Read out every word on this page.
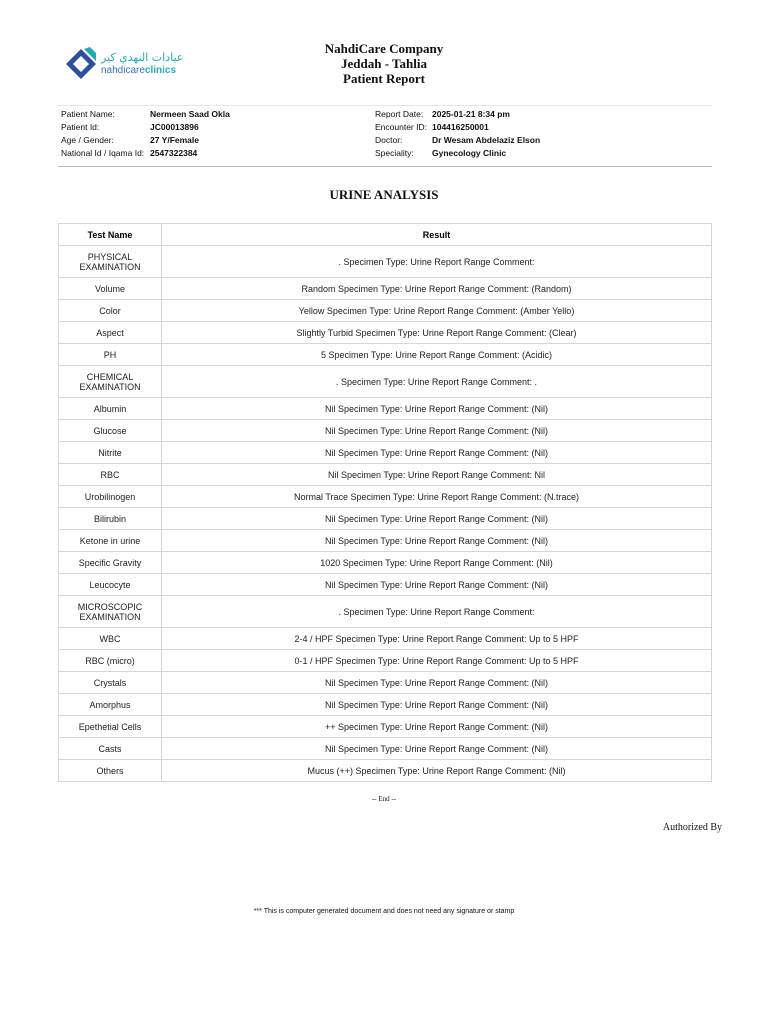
عيادات النهدي كير
nahdicareclinics
NahdiCare Company
Jeddah - Tahlia
Patient Report
Patient Name:	Nermeen Saad Okla
Patient Id:	JC00013896
Age / Gender:	27 Y/Female
National Id / Iqama Id: 2547322384
Report Date: 2025-01-21 8:34 pm
Encounter ID: 104416250001
Doctor:	Dr Wesam Abdelaziz Elson
Speciality: Gynecology Clinic
URINE ANALYSIS
Test Name	Result
PHYSICAL EXAMINATION	. Specimen Type: Urine Report Range Comment:
Volume	Random Specimen Type: Urine Report Range Comment: (Random)
Color	Yellow Specimen Type: Urine Report Range Comment: (Amber Yello)
Aspect	Slightly Turbid Specimen Type: Urine Report Range Comment: (Clear)
PH	5 Specimen Type: Urine Report Range Comment: (Acidic)
CHEMICAL EXAMINATION	. Specimen Type: Urine Report Range Comment: .
Albumin	Nil Specimen Type: Urine Report Range Comment: (Nil)
Glucose	Nil Specimen Type: Urine Report Range Comment: (Nil)
Nitrite	Nil Specimen Type: Urine Report Range Comment: (Nil)
RBC	Nil Specimen Type: Urine Report Range Comment: Nil
Urobilinogen	Normal Trace Specimen Type: Urine Report Range Comment: (N.trace)
Bilirubin	Nil Specimen Type: Urine Report Range Comment: (Nil)
Ketone in urine	Nil Specimen Type: Urine Report Range Comment: (Nil)
Specific Gravity	1020 Specimen Type: Urine Report Range Comment: (Nil)
Leucocyte	Nil Specimen Type: Urine Report Range Comment: (Nil)
MICROSCOPIC EXAMINATION	. Specimen Type: Urine Report Range Comment:
WBC	2-4 / HPF Specimen Type: Urine Report Range Comment: Up to 5 HPF
RBC (micro)	0-1 / HPF Specimen Type: Urine Report Range Comment: Up to 5 HPF
Crystals	Nil Specimen Type: Urine Report Range Comment: (Nil)
Amorphus	Nil Specimen Type: Urine Report Range Comment: (Nil)
Epethetial Cells	++ Specimen Type: Urine Report Range Comment: (Nil)
Casts	Nil Specimen Type: Urine Report Range Comment: (Nil)
Others	Mucus (++) Specimen Type: Urine Report Range Comment: (Nil)
-- End --
Authorized By
*** This is computer generated document and does not need any signature or stamp
